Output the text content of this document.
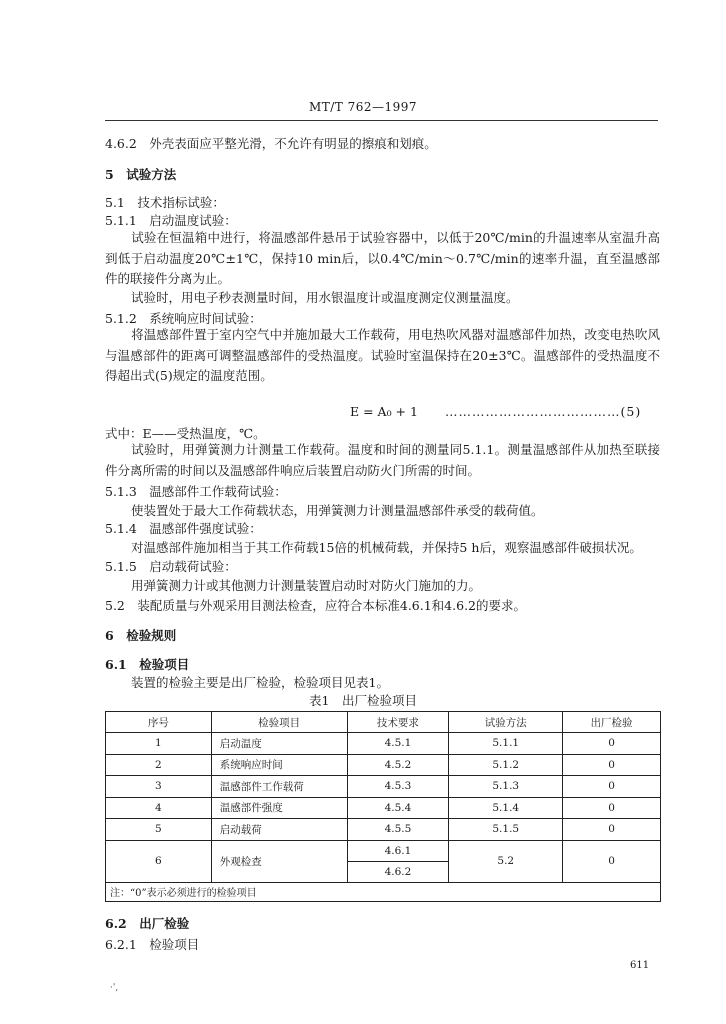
MT/T 762—1997
4.6.2　外壳表面应平整光滑，不允许有明显的擦痕和划痕。
5　试验方法
5.1　技术指标试验：
5.1.1　启动温度试验：
试验在恒温箱中进行，将温感部件悬吊于试验容器中，以低于20℃/min的升温速率从室温升高到低于启动温度20℃±1℃，保持10 min后，以0.4℃/min～0.7℃/min的速率升温，直至温感部件的联接件分离为止。
试验时，用电子秒表测量时间，用水银温度计或温度测定仪测量温度。
5.1.2　系统响应时间试验：
将温感部件置于室内空气中并施加最大工作载荷，用电热吹风器对温感部件加热，改变电热吹风与温感部件的距离可调整温感部件的受热温度。试验时室温保持在20±3℃。温感部件的受热温度不得超出式(5)规定的温度范围。
E = A₀ + 1 …………………………………(5)
式中：E——受热温度，℃。
试验时，用弹簧测力计测量工作载荷。温度和时间的测量同5.1.1。测量温感部件从加热至联接件分离所需的时间以及温感部件响应后装置启动防火门所需的时间。
5.1.3　温感部件工作载荷试验：
使装置处于最大工作荷载状态，用弹簧测力计测量温感部件承受的载荷值。
5.1.4　温感部件强度试验：
对温感部件施加相当于其工作荷载15倍的机械荷载，并保持5 h后，观察温感部件破损状况。
5.1.5　启动载荷试验：
用弹簧测力计或其他测力计测量装置启动时对防火门施加的力。
5.2　装配质量与外观采用目测法检查，应符合本标准4.6.1和4.6.2的要求。
6　检验规则
6.1　检验项目
装置的检验主要是出厂检验，检验项目见表1。
表1　出厂检验项目
序号	检验项目	技术要求	试验方法	出厂检验
1	启动温度	4.5.1	5.1.1	0
2	系统响应时间	4.5.2	5.1.2	0
3	温感部件工作载荷	4.5.3	5.1.3	0
4	温感部件强度	4.5.4	5.1.4	0
5	启动载荷	4.5.5	5.1.5	0
6	外观检查	4.6.1	5.2	0
		4.6.2		
注：“0”表示必须进行的检验项目				
6.2　出厂检验
6.2.1　检验项目
611
·',
